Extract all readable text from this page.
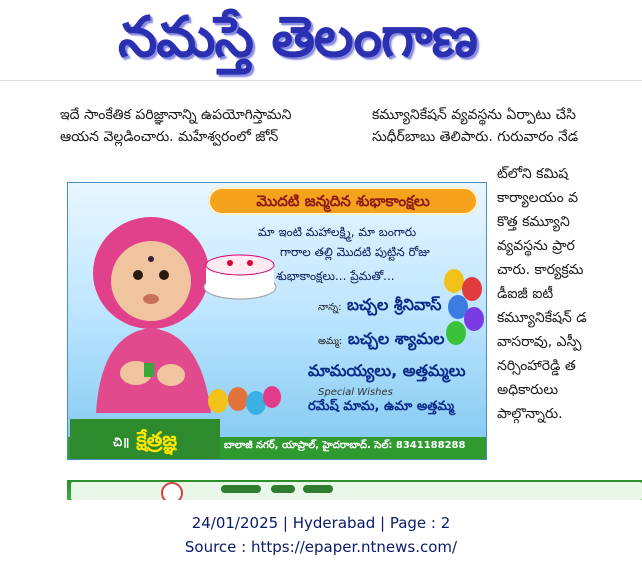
నమస్తే తెలంగాణ
ఇదే సాంకేతిక పరిజ్ఞానాన్ని ఉపయోగిస్తామని
ఆయన వెల్లడించారు. మహేశ్వరంలో జోన్
కమ్యూనికేషన్ వ్యవస్థను ఏర్పాటు చేసి
సుధీర్‌బాబు తెలిపారు. గురువారం నేడ
ట్‌లోని కమిష
కార్యాలయం వ
కొత్త కమ్యూని
వ్యవస్థను ప్రార
చారు. కార్యక్రమ
డీఐజీ ఐటీ
కమ్యూనికేషన్ డ
వాసరావు, ఎస్పీ
నర్సింహారెడ్డి త
అధికారులు
పాల్గొన్నారు.
మొదటి జన్మదిన శుభాకాంక్షలు
మా ఇంటి మహాలక్ష్మి, మా బంగారు
గారాల తల్లి మొదటి పుట్టిన రోజు
శుభాకాంక్షలు... ప్రేమతో...
నాన్న: బచ్చల శ్రీనివాస్
అమ్మ: బచ్చల శ్యామల
మామయ్యలు, అత్తమ్మలు
Special Wishes
రమేష్ మామ, ఉమా అత్తమ్మ
చి॥ క్షేత్రజ్ఞ	బాలాజీ నగర్, యాప్రాల్, హైదరాబాద్. సెల్: 8341188288
24/01/2025 | Hyderabad | Page : 2
Source : https://epaper.ntnews.com/
